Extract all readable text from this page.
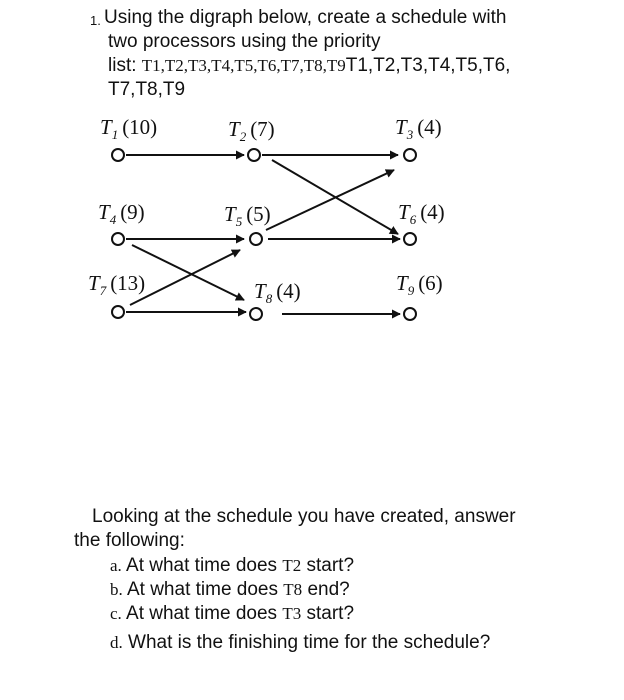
1. Using the digraph below, create a schedule with
two processors using the priority
list: T1,T2,T3,T4,T5,T6,T7,T8,T9T1,T2,T3,T4,T5,T6,
T7,T8,T9
$T_1$ (10)	$T_2$ (7)	$T_3$ (4)
$T_4$ (9)	$T_5$ (5)	$T_6$ (4)
$T_7$ (13)	$T_8$ (4)	$T_9$ (6)
Looking at the schedule you have created, answer
the following:
a. At what time does T2 start?
b. At what time does T8 end?
c. At what time does T3 start?
d. What is the finishing time for the schedule?
